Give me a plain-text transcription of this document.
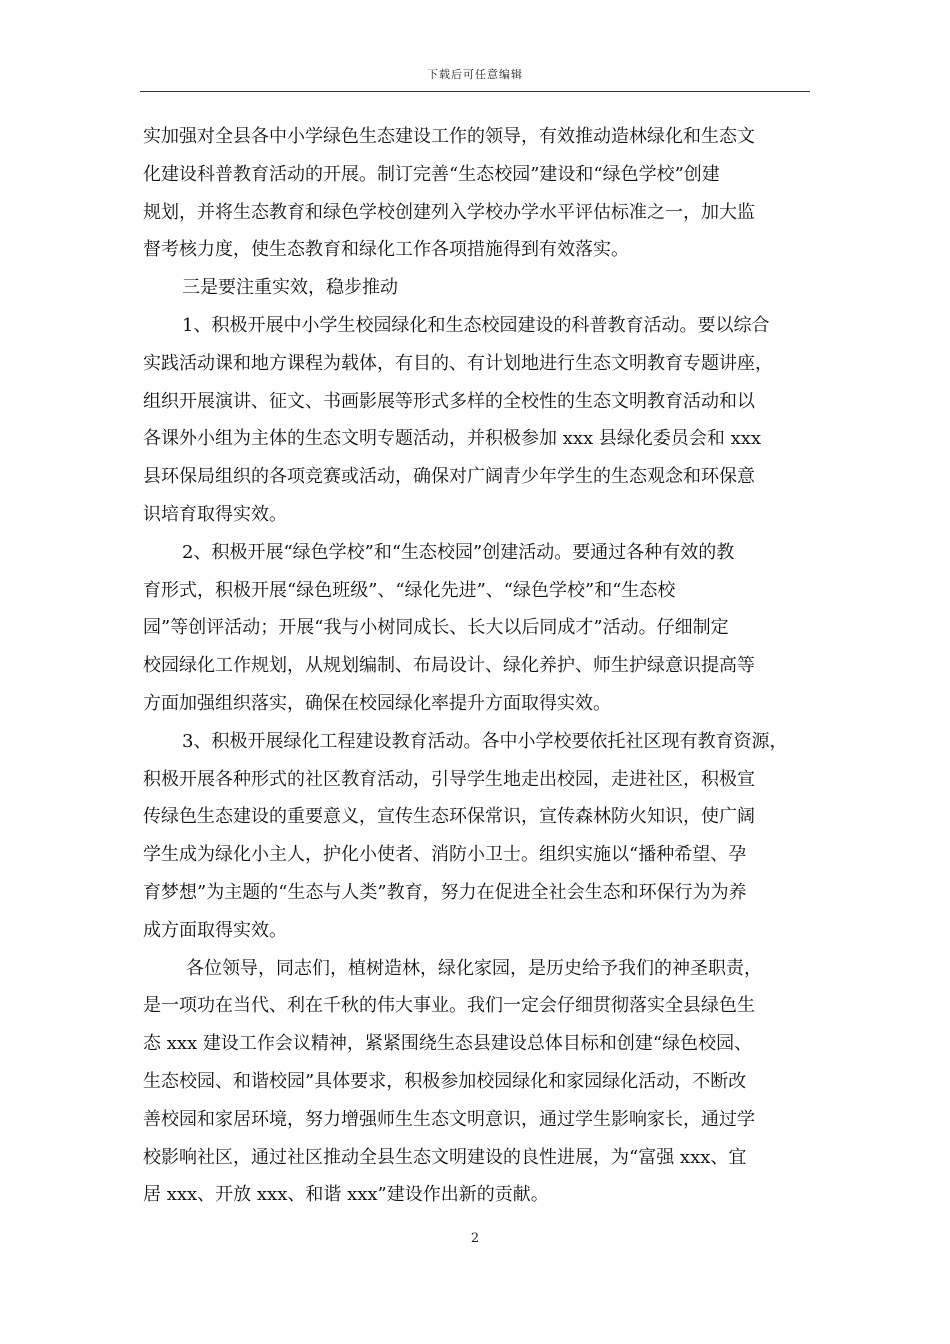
下载后可任意编辑
实加强对全县各中小学绿色生态建设工作的领导，有效推动造林绿化和生态文
化建设科普教育活动的开展。制订完善“生态校园”建设和“绿色学校”创建
规划，并将生态教育和绿色学校创建列入学校办学水平评估标准之一，加大监
督考核力度，使生态教育和绿化工作各项措施得到有效落实。
三是要注重实效，稳步推动
1、积极开展中小学生校园绿化和生态校园建设的科普教育活动。要以综合
实践活动课和地方课程为载体，有目的、有计划地进行生态文明教育专题讲座，
组织开展演讲、征文、书画影展等形式多样的全校性的生态文明教育活动和以
各课外小组为主体的生态文明专题活动，并积极参加 xxx 县绿化委员会和 xxx
县环保局组织的各项竞赛或活动，确保对广阔青少年学生的生态观念和环保意
识培育取得实效。
2、积极开展“绿色学校”和“生态校园”创建活动。要通过各种有效的教
育形式，积极开展“绿色班级”、“绿化先进”、“绿色学校”和“生态校
园”等创评活动；开展“我与小树同成长、长大以后同成才”活动。仔细制定
校园绿化工作规划，从规划编制、布局设计、绿化养护、师生护绿意识提高等
方面加强组织落实，确保在校园绿化率提升方面取得实效。
3、积极开展绿化工程建设教育活动。各中小学校要依托社区现有教育资源，
积极开展各种形式的社区教育活动，引导学生地走出校园，走进社区，积极宣
传绿色生态建设的重要意义，宣传生态环保常识，宣传森林防火知识，使广阔
学生成为绿化小主人，护化小使者、消防小卫士。组织实施以“播种希望、孕
育梦想”为主题的“生态与人类”教育，努力在促进全社会生态和环保行为为养
成方面取得实效。
各位领导，同志们，植树造林，绿化家园，是历史给予我们的神圣职责，
是一项功在当代、利在千秋的伟大事业。我们一定会仔细贯彻落实全县绿色生
态 xxx 建设工作会议精神，紧紧围绕生态县建设总体目标和创建“绿色校园、
生态校园、和谐校园”具体要求，积极参加校园绿化和家园绿化活动，不断改
善校园和家居环境，努力增强师生生态文明意识，通过学生影响家长，通过学
校影响社区，通过社区推动全县生态文明建设的良性进展，为“富强 xxx、宜
居 xxx、开放 xxx、和谐 xxx”建设作出新的贡献。
2
